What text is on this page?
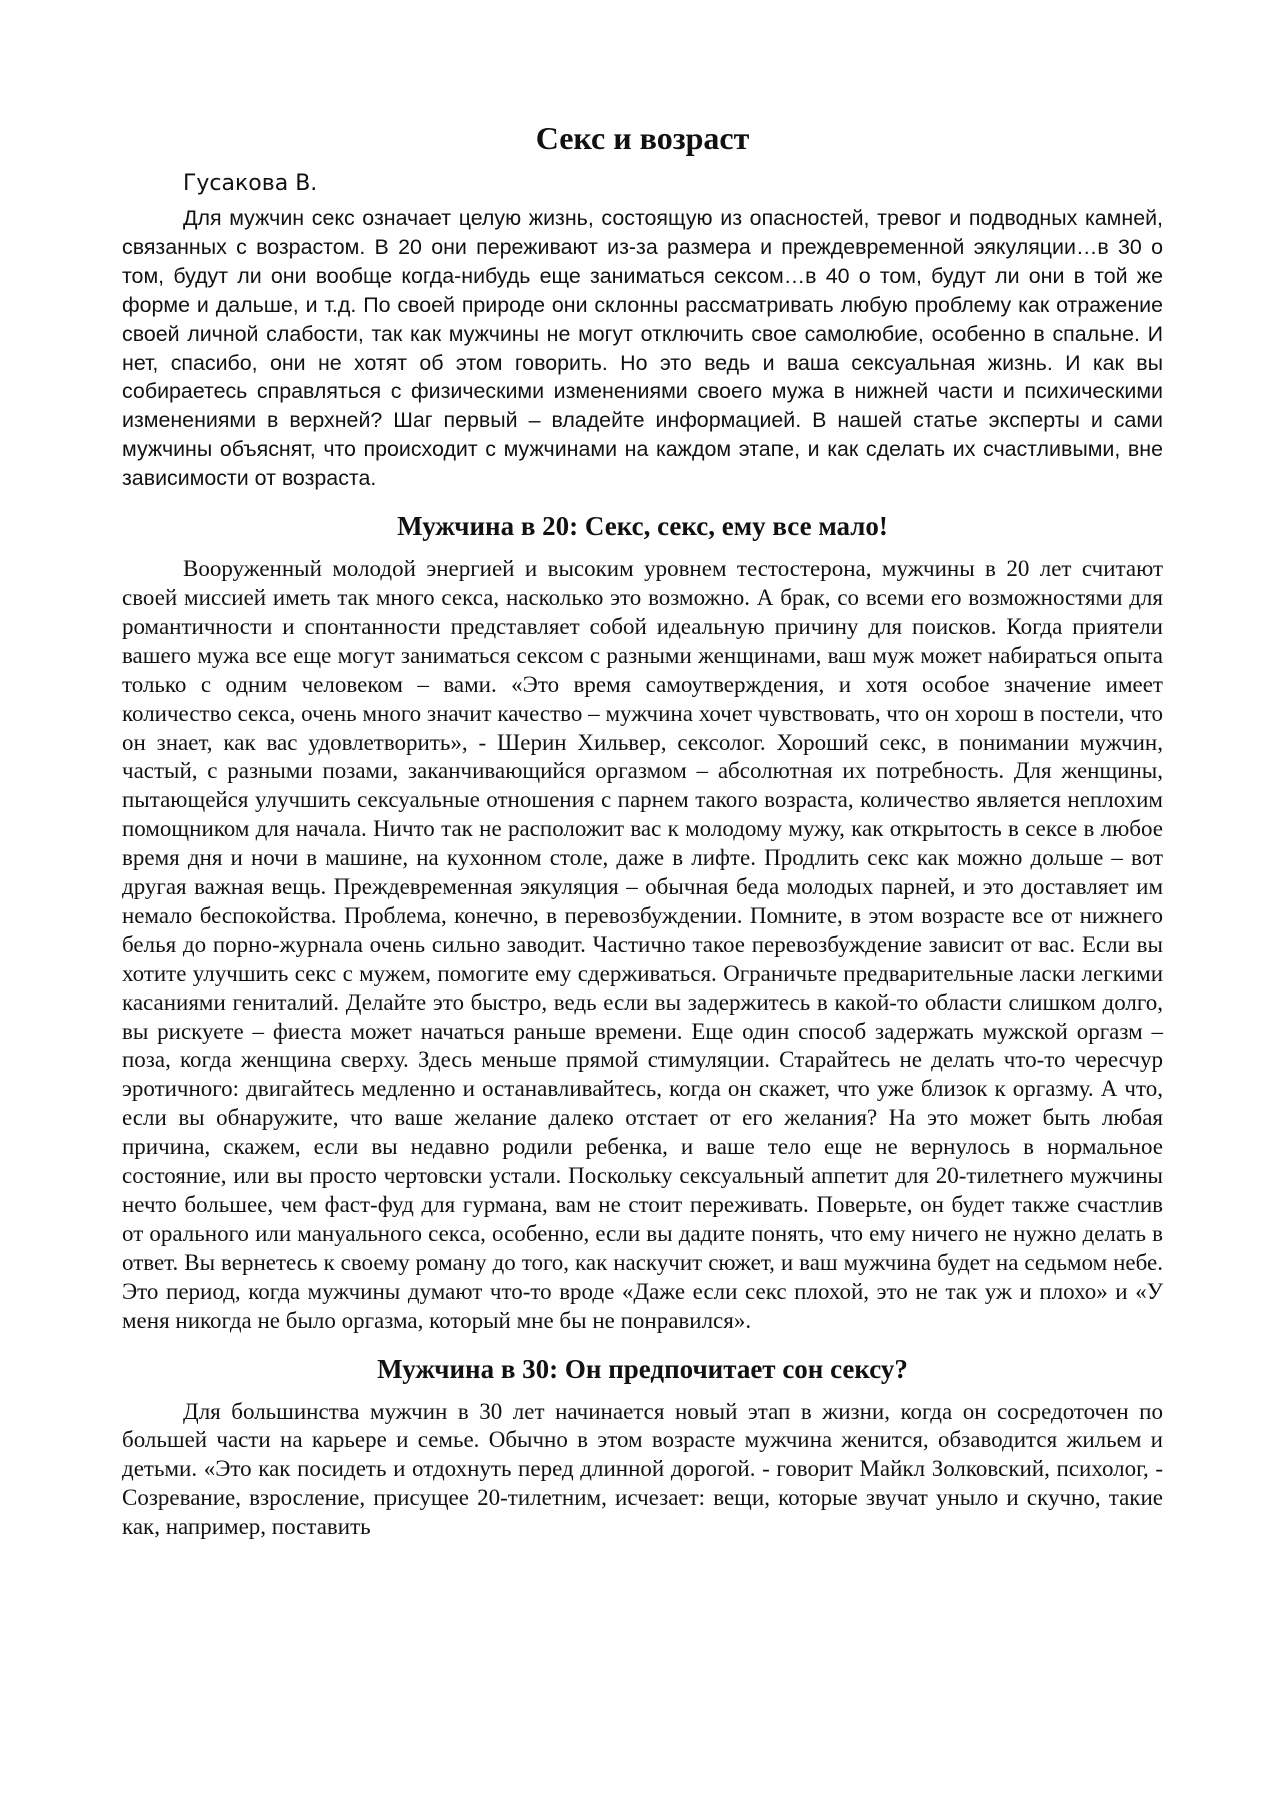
Секс и возраст
Гусакова В.

Для мужчин секс означает целую жизнь, состоящую из опасностей, тревог и подводных камней, связанных с возрастом. В 20 они переживают из-за размера и преждевременной эякуляции…в 30 о том, будут ли они вообще когда-нибудь еще заниматься сексом…в 40 о том, будут ли они в той же форме и дальше, и т.д. По своей природе они склонны рассматривать любую проблему как отражение своей личной слабости, так как мужчины не могут отключить свое самолюбие, особенно в спальне. И нет, спасибо, они не хотят об этом говорить. Но это ведь и ваша сексуальная жизнь. И как вы собираетесь справляться с физическими изменениями своего мужа в нижней части и психическими изменениями в верхней? Шаг первый – владейте информацией. В нашей статье эксперты и сами мужчины объяснят, что происходит с мужчинами на каждом этапе, и как сделать их счастливыми, вне зависимости от возраста.

Мужчина в 20: Секс, секс, ему все мало!

Вооруженный молодой энергией и высоким уровнем тестостерона, мужчины в 20 лет считают своей миссией иметь так много секса, насколько это возможно. А брак, со всеми его возможностями для романтичности и спонтанности представляет собой идеальную причину для поисков. Когда приятели вашего мужа все еще могут заниматься сексом с разными женщинами, ваш муж может набираться опыта только с одним человеком – вами. «Это время самоутверждения, и хотя особое значение имеет количество секса, очень много значит качество – мужчина хочет чувствовать, что он хорош в постели, что он знает, как вас удовлетворить», - Шерин Хильвер, сексолог. Хороший секс, в понимании мужчин, частый, с разными позами, заканчивающийся оргазмом – абсолютная их потребность. Для женщины, пытающейся улучшить сексуальные отношения с парнем такого возраста, количество является неплохим помощником для начала. Ничто так не расположит вас к молодому мужу, как открытость в сексе в любое время дня и ночи в машине, на кухонном столе, даже в лифте. Продлить секс как можно дольше – вот другая важная вещь. Преждевременная эякуляция – обычная беда молодых парней, и это доставляет им немало беспокойства. Проблема, конечно, в перевозбуждении. Помните, в этом возрасте все от нижнего белья до порно-журнала очень сильно заводит. Частично такое перевозбуждение зависит от вас. Если вы хотите улучшить секс с мужем, помогите ему сдерживаться. Ограничьте предварительные ласки легкими касаниями гениталий. Делайте это быстро, ведь если вы задержитесь в какой-то области слишком долго, вы рискуете – фиеста может начаться раньше времени. Еще один способ задержать мужской оргазм – поза, когда женщина сверху. Здесь меньше прямой стимуляции. Старайтесь не делать что-то чересчур эротичного: двигайтесь медленно и останавливайтесь, когда он скажет, что уже близок к оргазму. А что, если вы обнаружите, что ваше желание далеко отстает от его желания? На это может быть любая причина, скажем, если вы недавно родили ребенка, и ваше тело еще не вернулось в нормальное состояние, или вы просто чертовски устали. Поскольку сексуальный аппетит для 20-тилетнего мужчины нечто большее, чем фаст-фуд для гурмана, вам не стоит переживать. Поверьте, он будет также счастлив от орального или мануального секса, особенно, если вы дадите понять, что ему ничего не нужно делать в ответ. Вы вернетесь к своему роману до того, как наскучит сюжет, и ваш мужчина будет на седьмом небе. Это период, когда мужчины думают что-то вроде «Даже если секс плохой, это не так уж и плохо» и «У меня никогда не было оргазма, который мне бы не понравился».

Мужчина в 30: Он предпочитает сон сексу?

Для большинства мужчин в 30 лет начинается новый этап в жизни, когда он сосредоточен по большей части на карьере и семье. Обычно в этом возрасте мужчина женится, обзаводится жильем и детьми. «Это как посидеть и отдохнуть перед длинной дорогой. - говорит Майкл Золковский, психолог, - Созревание, взросление, присущее 20-тилетним, исчезает: вещи, которые звучат уныло и скучно, такие как, например, поставить
